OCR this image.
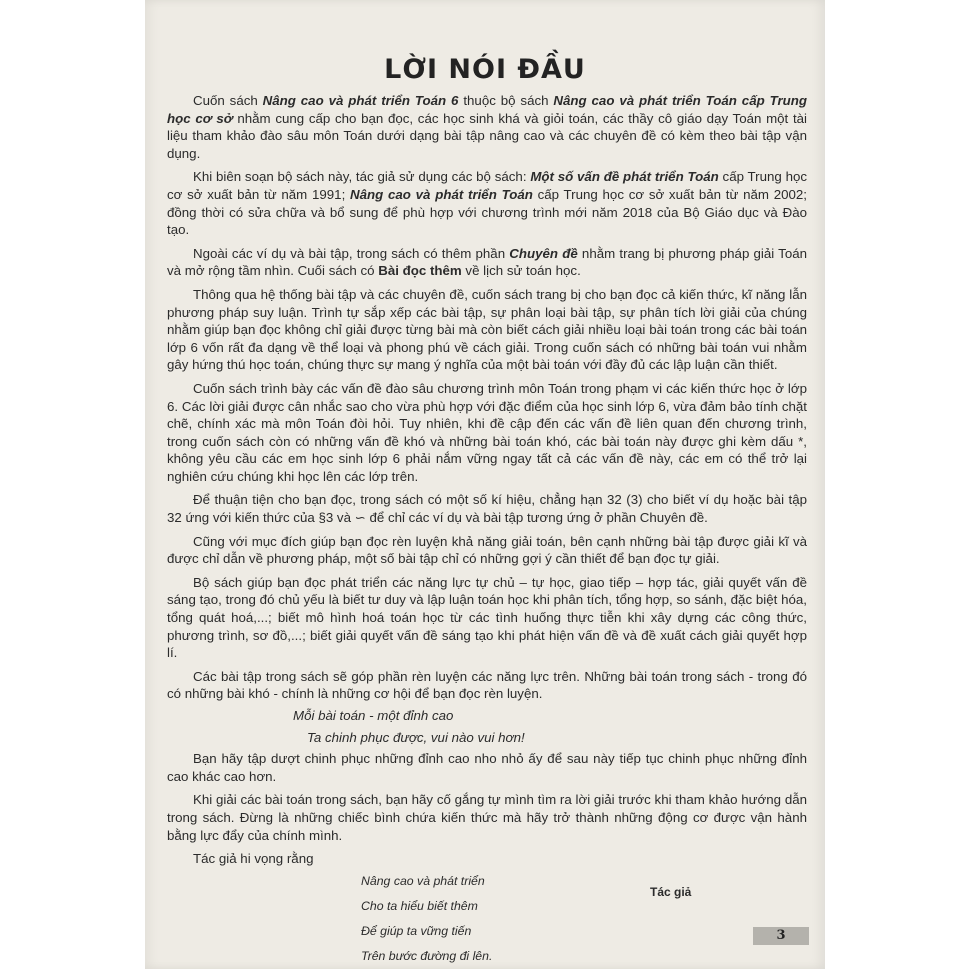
LỜI NÓI ĐẦU

Cuốn sách Nâng cao và phát triển Toán 6 thuộc bộ sách Nâng cao và phát triển Toán cấp Trung học cơ sở nhằm cung cấp cho bạn đọc, các học sinh khá và giỏi toán, các thầy cô giáo dạy Toán một tài liệu tham khảo đào sâu môn Toán dưới dạng bài tập nâng cao và các chuyên đề có kèm theo bài tập vận dụng.

Khi biên soạn bộ sách này, tác giả sử dụng các bộ sách: Một số vấn đề phát triển Toán cấp Trung học cơ sở xuất bản từ năm 1991; Nâng cao và phát triển Toán cấp Trung học cơ sở xuất bản từ năm 2002; đồng thời có sửa chữa và bổ sung để phù hợp với chương trình mới năm 2018 của Bộ Giáo dục và Đào tạo.

Ngoài các ví dụ và bài tập, trong sách có thêm phần Chuyên đề nhằm trang bị phương pháp giải Toán và mở rộng tầm nhìn. Cuối sách có Bài đọc thêm về lịch sử toán học.

Thông qua hệ thống bài tập và các chuyên đề, cuốn sách trang bị cho bạn đọc cả kiến thức, kĩ năng lẫn phương pháp suy luận. Trình tự sắp xếp các bài tập, sự phân loại bài tập, sự phân tích lời giải của chúng nhằm giúp bạn đọc không chỉ giải được từng bài mà còn biết cách giải nhiều loại bài toán trong các bài toán lớp 6 vốn rất đa dạng về thể loại và phong phú về cách giải. Trong cuốn sách có những bài toán vui nhằm gây hứng thú học toán, chúng thực sự mang ý nghĩa của một bài toán với đầy đủ các lập luận cần thiết.

Cuốn sách trình bày các vấn đề đào sâu chương trình môn Toán trong phạm vi các kiến thức học ở lớp 6. Các lời giải được cân nhắc sao cho vừa phù hợp với đặc điểm của học sinh lớp 6, vừa đảm bảo tính chặt chẽ, chính xác mà môn Toán đòi hỏi. Tuy nhiên, khi đề cập đến các vấn đề liên quan đến chương trình, trong cuốn sách còn có những vấn đề khó và những bài toán khó, các bài toán này được ghi kèm dấu *, không yêu cầu các em học sinh lớp 6 phải nắm vững ngay tất cả các vấn đề này, các em có thể trở lại nghiên cứu chúng khi học lên các lớp trên.

Để thuận tiện cho bạn đọc, trong sách có một số kí hiệu, chẳng hạn 32 (3) cho biết ví dụ hoặc bài tập 32 ứng với kiến thức của §3 và ∽ để chỉ các ví dụ và bài tập tương ứng ở phần Chuyên đề.

Cũng với mục đích giúp bạn đọc rèn luyện khả năng giải toán, bên cạnh những bài tập được giải kĩ và được chỉ dẫn về phương pháp, một số bài tập chỉ có những gợi ý cần thiết để bạn đọc tự giải.

Bộ sách giúp bạn đọc phát triển các năng lực tự chủ – tự học, giao tiếp – hợp tác, giải quyết vấn đề sáng tạo, trong đó chủ yếu là biết tư duy và lập luận toán học khi phân tích, tổng hợp, so sánh, đặc biệt hóa, tổng quát hoá,...; biết mô hình hoá toán học từ các tình huống thực tiễn khi xây dựng các công thức, phương trình, sơ đồ,...; biết giải quyết vấn đề sáng tạo khi phát hiện vấn đề và đề xuất cách giải quyết hợp lí.

Các bài tập trong sách sẽ góp phần rèn luyện các năng lực trên. Những bài toán trong sách - trong đó có những bài khó - chính là những cơ hội để bạn đọc rèn luyện.

Mỗi bài toán - một đỉnh cao

Ta chinh phục được, vui nào vui hơn!

Bạn hãy tập dượt chinh phục những đỉnh cao nho nhỏ ấy để sau này tiếp tục chinh phục những đỉnh cao khác cao hơn.

Khi giải các bài toán trong sách, bạn hãy cố gắng tự mình tìm ra lời giải trước khi tham khảo hướng dẫn trong sách. Đừng là những chiếc bình chứa kiến thức mà hãy trở thành những động cơ được vận hành bằng lực đẩy của chính mình.

Tác giả hi vọng rằng

Nâng cao và phát triển

Cho ta hiểu biết thêm

Để giúp ta vững tiến

Trên bước đường đi lên.

Tác giả
3
